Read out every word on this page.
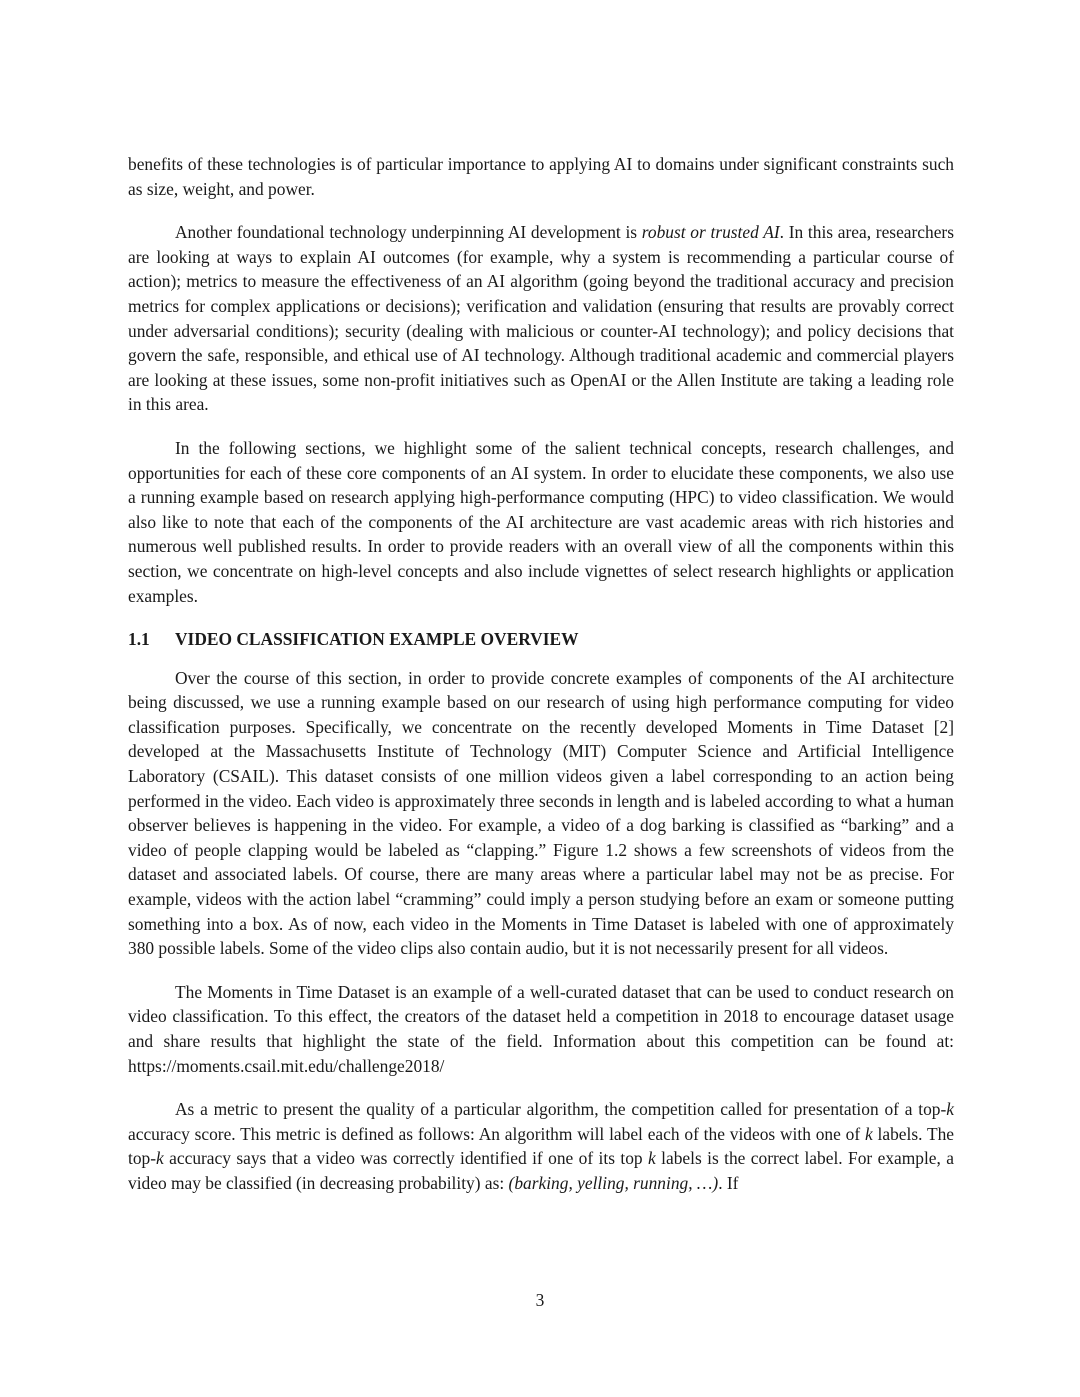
benefits of these technologies is of particular importance to applying AI to domains under significant constraints such as size, weight, and power.

Another foundational technology underpinning AI development is robust or trusted AI. In this area, researchers are looking at ways to explain AI outcomes (for example, why a system is recommending a particular course of action); metrics to measure the effectiveness of an AI algorithm (going beyond the traditional accuracy and precision metrics for complex applications or decisions); verification and validation (ensuring that results are provably correct under adversarial conditions); security (dealing with malicious or counter-AI technology); and policy decisions that govern the safe, responsible, and ethical use of AI technology. Although traditional academic and commercial players are looking at these issues, some non-profit initiatives such as OpenAI or the Allen Institute are taking a leading role in this area.

In the following sections, we highlight some of the salient technical concepts, research challenges, and opportunities for each of these core components of an AI system. In order to elucidate these components, we also use a running example based on research applying high-performance computing (HPC) to video classification. We would also like to note that each of the components of the AI architecture are vast academic areas with rich histories and numerous well published results. In order to provide readers with an overall view of all the components within this section, we concentrate on high-level concepts and also include vignettes of select research highlights or application examples.

1.1	VIDEO CLASSIFICATION EXAMPLE OVERVIEW

Over the course of this section, in order to provide concrete examples of components of the AI architecture being discussed, we use a running example based on our research of using high performance computing for video classification purposes. Specifically, we concentrate on the recently developed Moments in Time Dataset [2] developed at the Massachusetts Institute of Technology (MIT) Computer Science and Artificial Intelligence Laboratory (CSAIL). This dataset consists of one million videos given a label corresponding to an action being performed in the video. Each video is approximately three seconds in length and is labeled according to what a human observer believes is happening in the video. For example, a video of a dog barking is classified as “barking” and a video of people clapping would be labeled as “clapping.” Figure 1.2 shows a few screenshots of videos from the dataset and associated labels. Of course, there are many areas where a particular label may not be as precise. For example, videos with the action label “cramming” could imply a person studying before an exam or someone putting something into a box. As of now, each video in the Moments in Time Dataset is labeled with one of approximately 380 possible labels. Some of the video clips also contain audio, but it is not necessarily present for all videos.

The Moments in Time Dataset is an example of a well-curated dataset that can be used to conduct research on video classification. To this effect, the creators of the dataset held a competition in 2018 to encourage dataset usage and share results that highlight the state of the field. Information about this competition can be found at: https://moments.csail.mit.edu/challenge2018/

As a metric to present the quality of a particular algorithm, the competition called for presentation of a top-k accuracy score. This metric is defined as follows: An algorithm will label each of the videos with one of k labels. The top-k accuracy says that a video was correctly identified if one of its top k labels is the correct label. For example, a video may be classified (in decreasing probability) as: (barking, yelling, running, …). If

3
